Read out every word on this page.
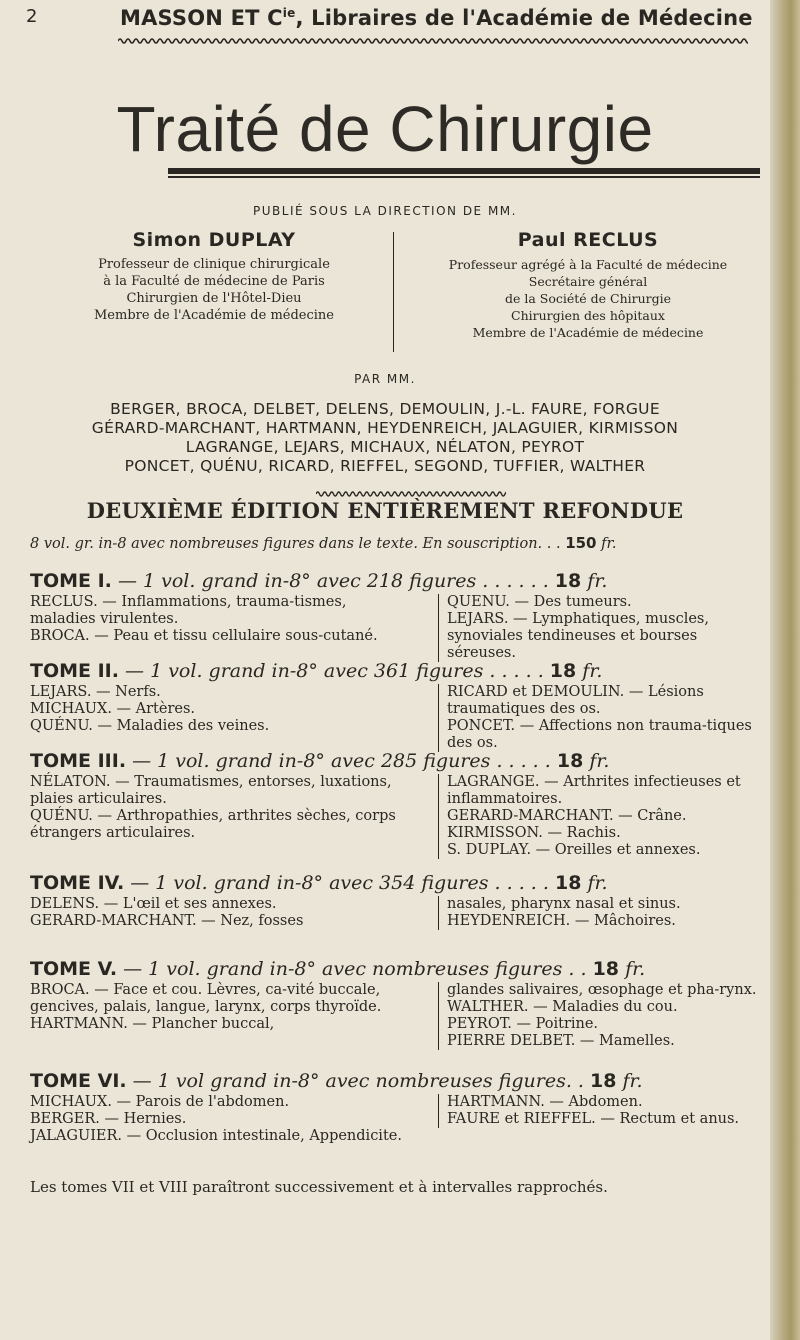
2	MASSON ET $C^{ie}$, Libraires de l'Académie de Médecine
Traité de Chirurgie
PUBLIÉ SOUS LA DIRECTION DE MM.
Simon DUPLAY
Professeur de clinique chirurgicale
à la Faculté de médecine de Paris
Chirurgien de l'Hôtel-Dieu
Membre de l'Académie de médecine
Paul RECLUS
Professeur agrégé à la Faculté de médecine
Secrétaire général
de la Société de Chirurgie
Chirurgien des hôpitaux
Membre de l'Académie de médecine
PAR MM.
BERGER, BROCA, DELBET, DELENS, DEMOULIN, J.-L. FAURE, FORGUE
GÉRARD-MARCHANT, HARTMANN, HEYDENREICH, JALAGUIER, KIRMISSON
LAGRANGE, LEJARS, MICHAUX, NÉLATON, PEYROT
PONCET, QUÉNU, RICARD, RIEFFEL, SEGOND, TUFFIER, WALTHER
DEUXIÈME ÉDITION ENTIÈREMENT REFONDUE
8 vol. gr. in-8 avec nombreuses figures dans le texte. En souscription. . . 150 fr.
TOME I. — 1 vol. grand in-8° avec 218 figures . . . . . . 18 fr.
RECLUS. — Inflammations, trauma-tismes, maladies virulentes.
BROCA. — Peau et tissu cellulaire sous-cutané.
QUENU. — Des tumeurs.
LEJARS. — Lymphatiques, muscles, synoviales tendineuses et bourses séreuses.
TOME II. — 1 vol. grand in-8° avec 361 figures . . . . . 18 fr.
LEJARS. — Nerfs.
MICHAUX. — Artères.
QUÉNU. — Maladies des veines.
RICARD et DEMOULIN. — Lésions traumatiques des os.
PONCET. — Affections non trauma-tiques des os.
TOME III. — 1 vol. grand in-8° avec 285 figures . . . . . 18 fr.
NÉLATON. — Traumatismes, entorses, luxations, plaies articulaires.
QUÉNU. — Arthropathies, arthrites sèches, corps étrangers articulaires.
LAGRANGE. — Arthrites infectieuses et inflammatoires.
GERARD-MARCHANT. — Crâne.
KIRMISSON. — Rachis.
S. DUPLAY. — Oreilles et annexes.
TOME IV. — 1 vol. grand in-8° avec 354 figures . . . . . 18 fr.
DELENS. — L'œil et ses annexes.
GERARD-MARCHANT. — Nez, fosses
nasales, pharynx nasal et sinus.
HEYDENREICH. — Mâchoires.
TOME V. — 1 vol. grand in-8° avec nombreuses figures . . 18 fr.
BROCA. — Face et cou. Lèvres, ca-vité buccale, gencives, palais, langue, larynx, corps thyroïde.
HARTMANN. — Plancher buccal,
glandes salivaires, œsophage et pha-rynx.
WALTHER. — Maladies du cou.
PEYROT. — Poitrine.
PIERRE DELBET. — Mamelles.
TOME VI. — 1 vol grand in-8° avec nombreuses figures. . 18 fr.
MICHAUX. — Parois de l'abdomen.
BERGER. — Hernies.
JALAGUIER. — Occlusion intestinale, Appendicite.
HARTMANN. — Abdomen.
FAURE et RIEFFEL. — Rectum et anus.
Les tomes VII et VIII paraîtront successivement et à intervalles rapprochés.
